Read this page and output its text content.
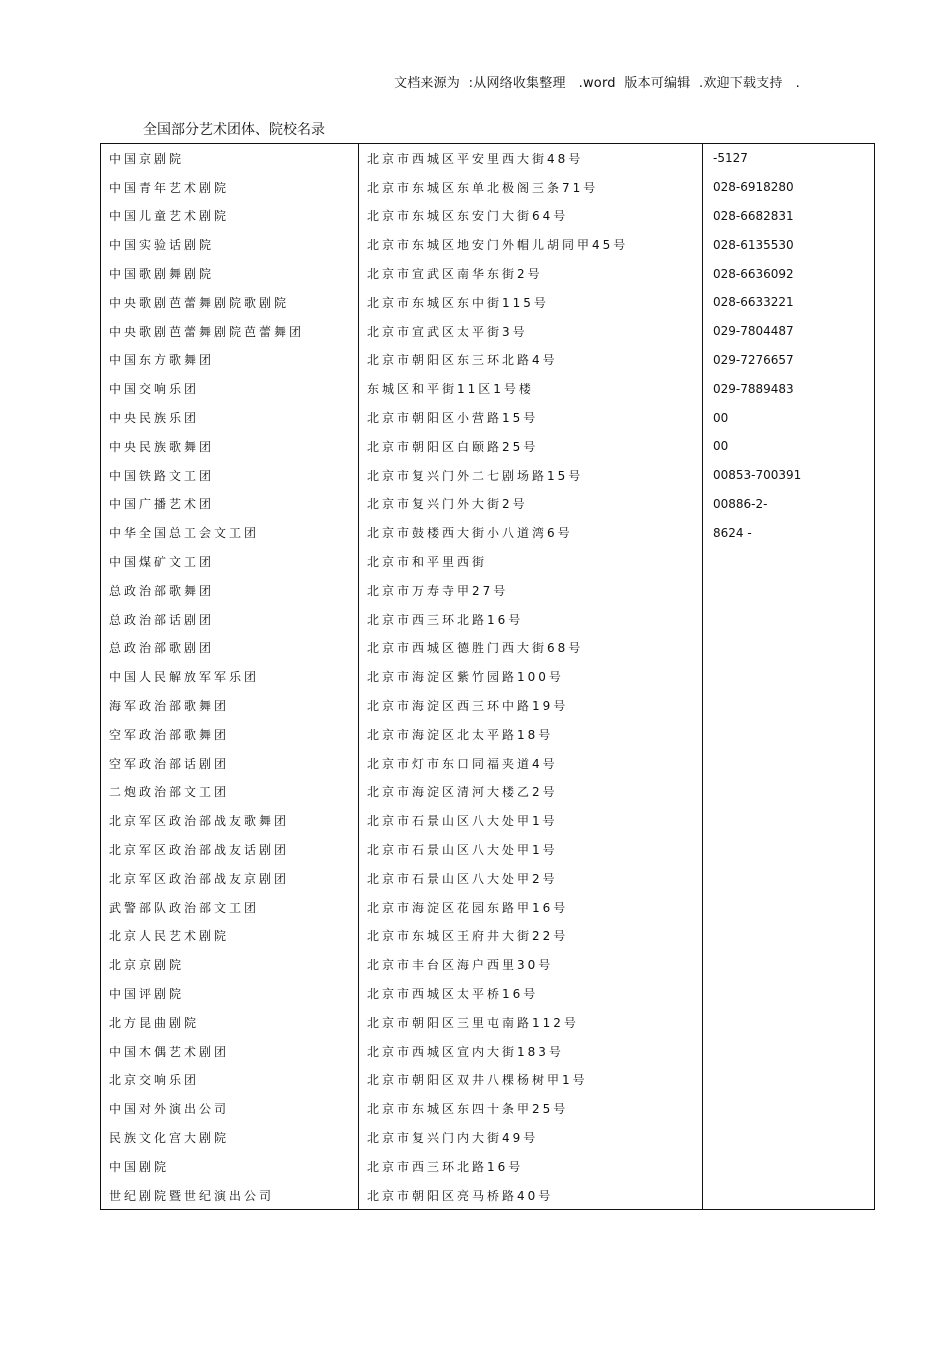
文档来源为  :从网络收集整理   .word  版本可编辑  .欢迎下载支持   .
全国部分艺术团体、院校名录
中国京剧院	北京市西城区平安里西大街48号	-5127
中国青年艺术剧院	北京市东城区东单北极阁三条71号	028-6918280
中国儿童艺术剧院	北京市东城区东安门大街64号	028-6682831
中国实验话剧院	北京市东城区地安门外帽儿胡同甲45号	028-6135530
中国歌剧舞剧院	北京市宣武区南华东街2号	028-6636092
中央歌剧芭蕾舞剧院歌剧院	北京市东城区东中街115号	028-6633221
中央歌剧芭蕾舞剧院芭蕾舞团	北京市宣武区太平街3号	029-7804487
中国东方歌舞团	北京市朝阳区东三环北路4号	029-7276657
中国交响乐团	东城区和平街11区1号楼	029-7889483
中央民族乐团	北京市朝阳区小营路15号	00
中央民族歌舞团	北京市朝阳区白颐路25号	00
中国铁路文工团	北京市复兴门外二七剧场路15号	00853-700391
中国广播艺术团	北京市复兴门外大街2号	00886-2-
中华全国总工会文工团	北京市鼓楼西大街小八道湾6号	8624 -
中国煤矿文工团	北京市和平里西街	
总政治部歌舞团	北京市万寿寺甲27号	
总政治部话剧团	北京市西三环北路16号	
总政治部歌剧团	北京市西城区德胜门西大街68号	
中国人民解放军军乐团	北京市海淀区紫竹园路100号	
海军政治部歌舞团	北京市海淀区西三环中路19号	
空军政治部歌舞团	北京市海淀区北太平路18号	
空军政治部话剧团	北京市灯市东口同福夹道4号	
二炮政治部文工团	北京市海淀区清河大楼乙2号	
北京军区政治部战友歌舞团	北京市石景山区八大处甲1号	
北京军区政治部战友话剧团	北京市石景山区八大处甲1号	
北京军区政治部战友京剧团	北京市石景山区八大处甲2号	
武警部队政治部文工团	北京市海淀区花园东路甲16号	
北京人民艺术剧院	北京市东城区王府井大街22号	
北京京剧院	北京市丰台区海户西里30号	
中国评剧院	北京市西城区太平桥16号	
北方昆曲剧院	北京市朝阳区三里屯南路112号	
中国木偶艺术剧团	北京市西城区宣内大街183号	
北京交响乐团	北京市朝阳区双井八棵杨树甲1号	
中国对外演出公司	北京市东城区东四十条甲25号	
民族文化宫大剧院	北京市复兴门内大街49号	
中国剧院	北京市西三环北路16号	
世纪剧院暨世纪演出公司	北京市朝阳区亮马桥路40号	
